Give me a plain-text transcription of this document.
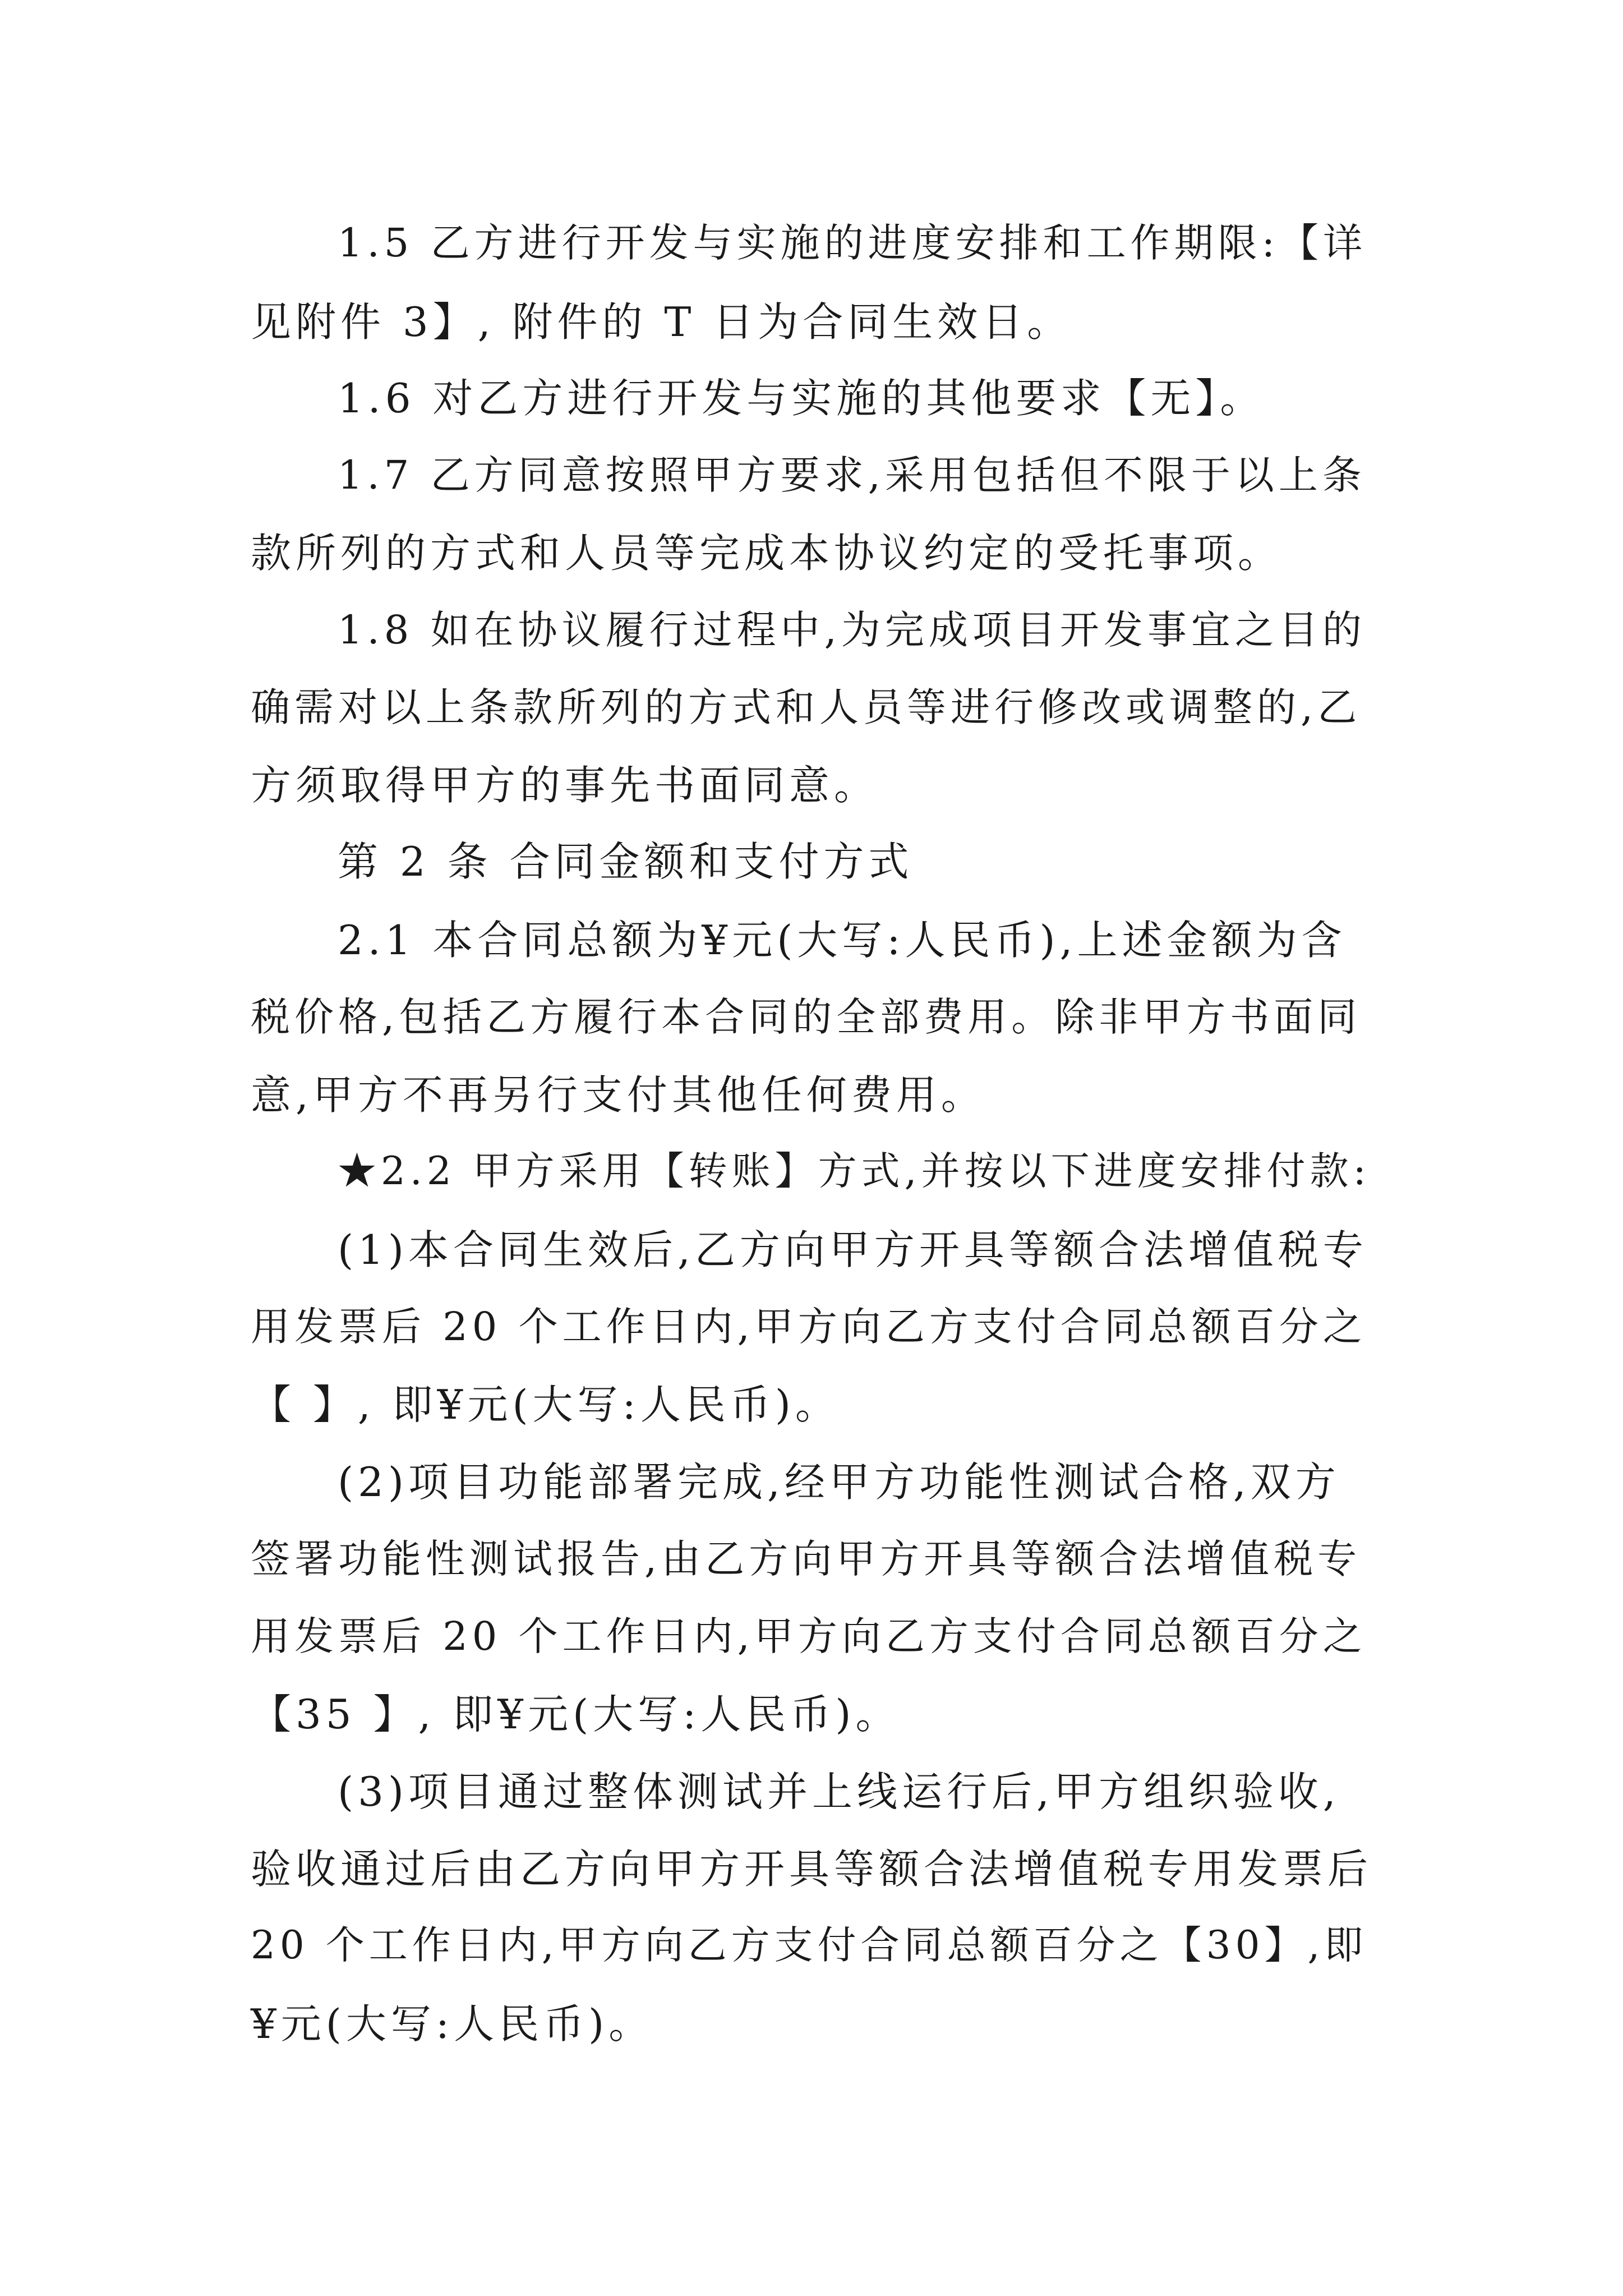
1.5 乙方进行开发与实施的进度安排和工作期限:【详
见附件 3】, 附件的 T 日为合同生效日。
1.6 对乙方进行开发与实施的其他要求【无】。
1.7 乙方同意按照甲方要求,采用包括但不限于以上条
款所列的方式和人员等完成本协议约定的受托事项。
1.8 如在协议履行过程中,为完成项目开发事宜之目的
确需对以上条款所列的方式和人员等进行修改或调整的,乙
方须取得甲方的事先书面同意。
第 2 条 合同金额和支付方式
2.1 本合同总额为¥元(大写:人民币),上述金额为含
税价格,包括乙方履行本合同的全部费用。除非甲方书面同
意,甲方不再另行支付其他任何费用。
★2.2 甲方采用【转账】方式,并按以下进度安排付款:
(1)本合同生效后,乙方向甲方开具等额合法增值税专
用发票后 20 个工作日内,甲方向乙方支付合同总额百分之
【 】, 即¥元(大写:人民币)。
(2)项目功能部署完成,经甲方功能性测试合格,双方
签署功能性测试报告,由乙方向甲方开具等额合法增值税专
用发票后 20 个工作日内,甲方向乙方支付合同总额百分之
【35 】, 即¥元(大写:人民币)。
(3)项目通过整体测试并上线运行后,甲方组织验收,
验收通过后由乙方向甲方开具等额合法增值税专用发票后
20 个工作日内,甲方向乙方支付合同总额百分之【30】,即
¥元(大写:人民币)。
